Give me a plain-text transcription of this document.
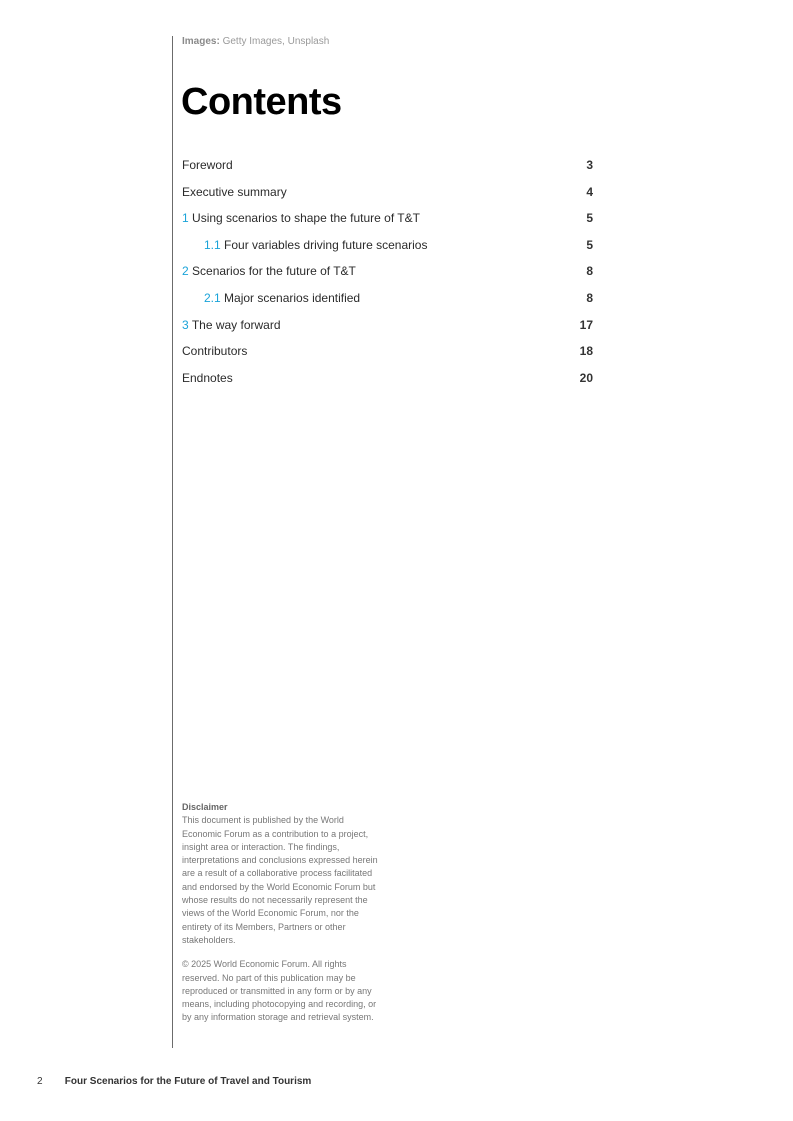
Images: Getty Images, Unsplash
Contents
Foreword	3
Executive summary	4
1 Using scenarios to shape the future of T&T	5
1.1 Four variables driving future scenarios	5
2 Scenarios for the future of T&T	8
2.1 Major scenarios identified	8
3 The way forward	17
Contributors	18
Endnotes	20
Disclaimer

This document is published by the World Economic Forum as a contribution to a project, insight area or interaction. The findings, interpretations and conclusions expressed herein are a result of a collaborative process facilitated and endorsed by the World Economic Forum but whose results do not necessarily represent the views of the World Economic Forum, nor the entirety of its Members, Partners or other stakeholders.

© 2025 World Economic Forum. All rights reserved. No part of this publication may be reproduced or transmitted in any form or by any means, including photocopying and recording, or by any information storage and retrieval system.

2 Four Scenarios for the Future of Travel and Tourism
